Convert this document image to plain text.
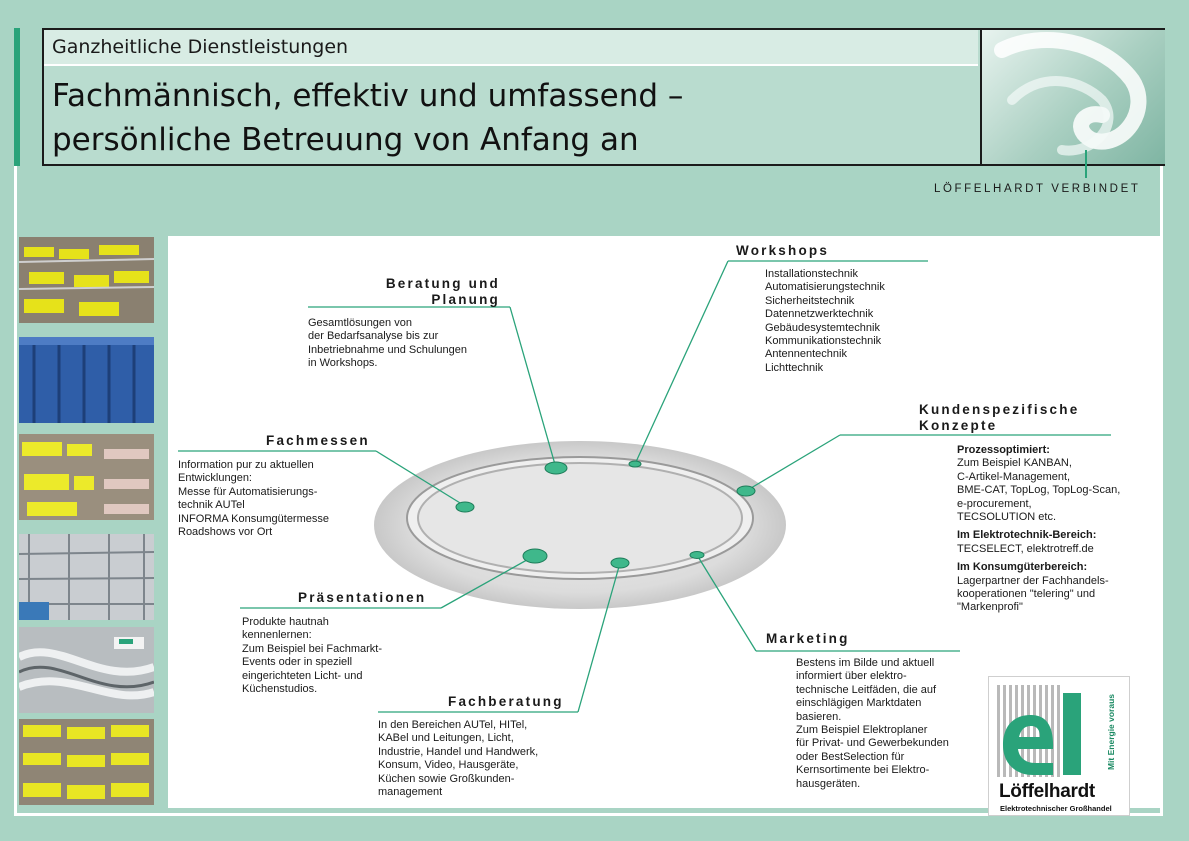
Ganzheitliche Dienstleistungen
Fachmännisch, effektiv und umfassend –
persönliche Betreuung von Anfang an
LÖFFELHARDT VERBINDET
Workshops
Installationstechnik
Automatisierungstechnik
Sicherheitstechnik
Datennetzwerktechnik
Gebäudesystemtechnik
Kommunikationstechnik
Antennentechnik
Lichttechnik
Beratung und
Planung
Gesamtlösungen von
der Bedarfsanalyse bis zur
Inbetriebnahme und Schulungen
in Workshops.
Kundenspezifische
Konzepte
Prozessoptimiert:
Zum Beispiel KANBAN,
C-Artikel-Management,
BME-CAT, TopLog, TopLog-Scan,
e-procurement,
TECSOLUTION etc.
Im Elektrotechnik-Bereich:
TECSELECT, elektrotreff.de
Im Konsumgüterbereich:
Lagerpartner der Fachhandels-
kooperationen "telering" und
"Markenprofi"
Fachmessen
Information pur zu aktuellen
Entwicklungen:
Messe für Automatisierungs-
technik AUTel
INFORMA Konsumgütermesse
Roadshows vor Ort
Präsentationen
Produkte hautnah
kennenlernen:
Zum Beispiel bei Fachmarkt-
Events oder in speziell
eingerichteten Licht- und
Küchenstudios.
Marketing
Bestens im Bilde und aktuell
informiert über elektro-
technische Leitfäden, die auf
einschlägigen Marktdaten
basieren.
Zum Beispiel Elektroplaner
für Privat- und Gewerbekunden
oder BestSelection für
Kernsortimente bei Elektro-
hausgeräten.
Fachberatung
In den Bereichen AUTel, HITel,
KABel und Leitungen, Licht,
Industrie, Handel und Handwerk,
Konsum, Video, Hausgeräte,
Küchen sowie Großkunden-
management
Mit Energie voraus
Löffelhardt
Elektrotechnischer Großhandel
